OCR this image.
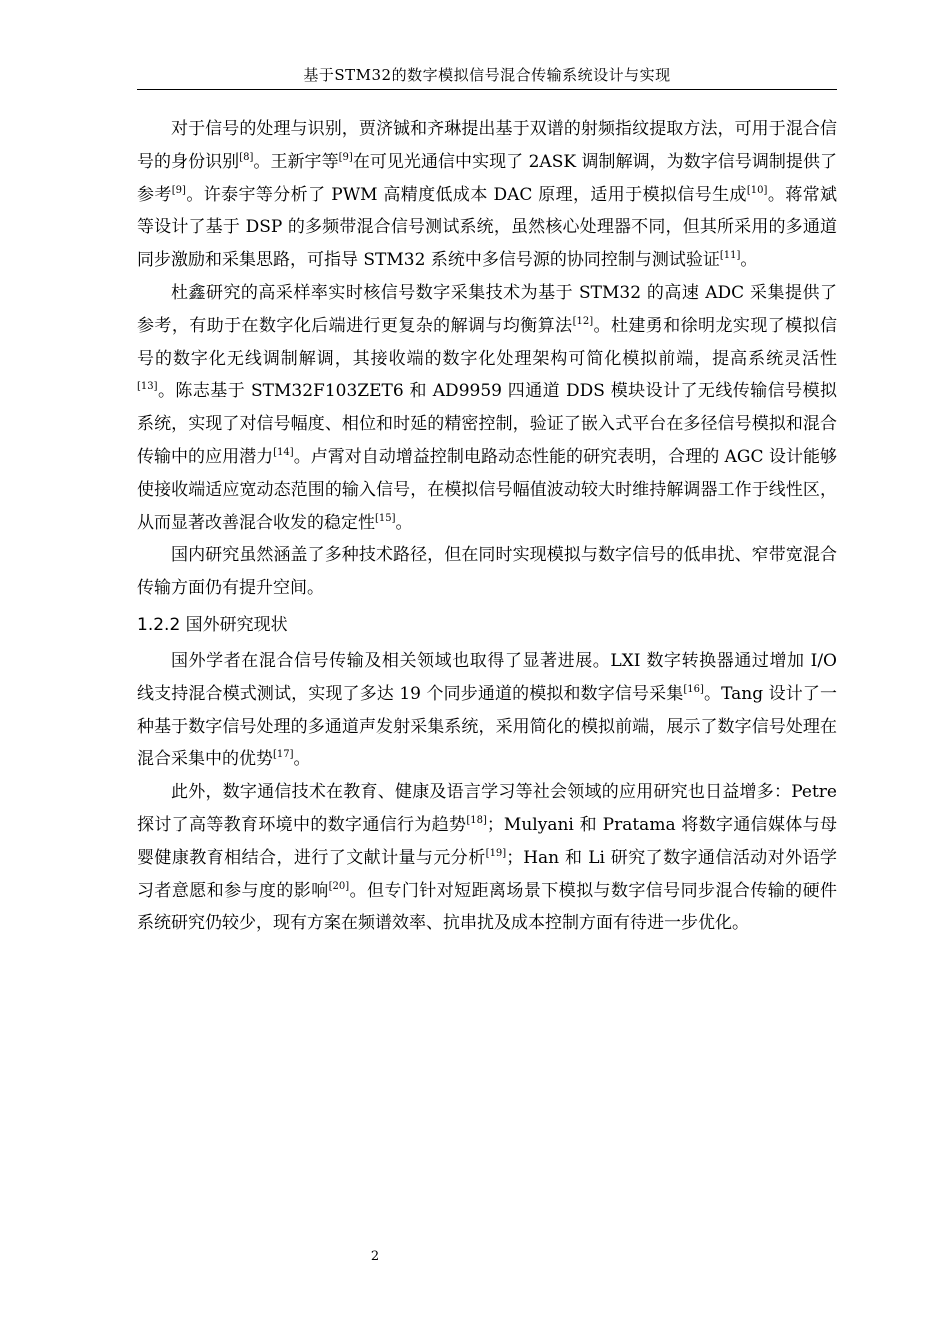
基于STM32的数字模拟信号混合传输系统设计与实现

对于信号的处理与识别，贾济铖和齐琳提出基于双谱的射频指纹提取方法，可用于混合信号的身份识别[8]。王新宇等[9]在可见光通信中实现了 2ASK 调制解调，为数字信号调制提供了参考[9]。许泰宇等分析了 PWM 高精度低成本 DAC 原理，适用于模拟信号生成[10]。蒋常斌等设计了基于 DSP 的多频带混合信号测试系统，虽然核心处理器不同，但其所采用的多通道同步激励和采集思路，可指导 STM32 系统中多信号源的协同控制与测试验证[11]。

杜鑫研究的高采样率实时核信号数字采集技术为基于 STM32 的高速 ADC 采集提供了参考，有助于在数字化后端进行更复杂的解调与均衡算法[12]。杜建勇和徐明龙实现了模拟信号的数字化无线调制解调，其接收端的数字化处理架构可简化模拟前端，提高系统灵活性[13]。陈志基于 STM32F103ZET6 和 AD9959 四通道 DDS 模块设计了无线传输信号模拟系统，实现了对信号幅度、相位和时延的精密控制，验证了嵌入式平台在多径信号模拟和混合传输中的应用潜力[14]。卢霄对自动增益控制电路动态性能的研究表明，合理的 AGC 设计能够使接收端适应宽动态范围的输入信号，在模拟信号幅值波动较大时维持解调器工作于线性区，从而显著改善混合收发的稳定性[15]。

国内研究虽然涵盖了多种技术路径，但在同时实现模拟与数字信号的低串扰、窄带宽混合传输方面仍有提升空间。

1.2.2 国外研究现状

国外学者在混合信号传输及相关领域也取得了显著进展。LXI 数字转换器通过增加 I/O 线支持混合模式测试，实现了多达 19 个同步通道的模拟和数字信号采集[16]。Tang 设计了一种基于数字信号处理的多通道声发射采集系统，采用简化的模拟前端，展示了数字信号处理在混合采集中的优势[17]。

此外，数字通信技术在教育、健康及语言学习等社会领域的应用研究也日益增多：Petre 探讨了高等教育环境中的数字通信行为趋势[18]；Mulyani 和 Pratama 将数字通信媒体与母婴健康教育相结合，进行了文献计量与元分析[19]；Han 和 Li 研究了数字通信活动对外语学习者意愿和参与度的影响[20]。但专门针对短距离场景下模拟与数字信号同步混合传输的硬件系统研究仍较少，现有方案在频谱效率、抗串扰及成本控制方面有待进一步优化。

2
